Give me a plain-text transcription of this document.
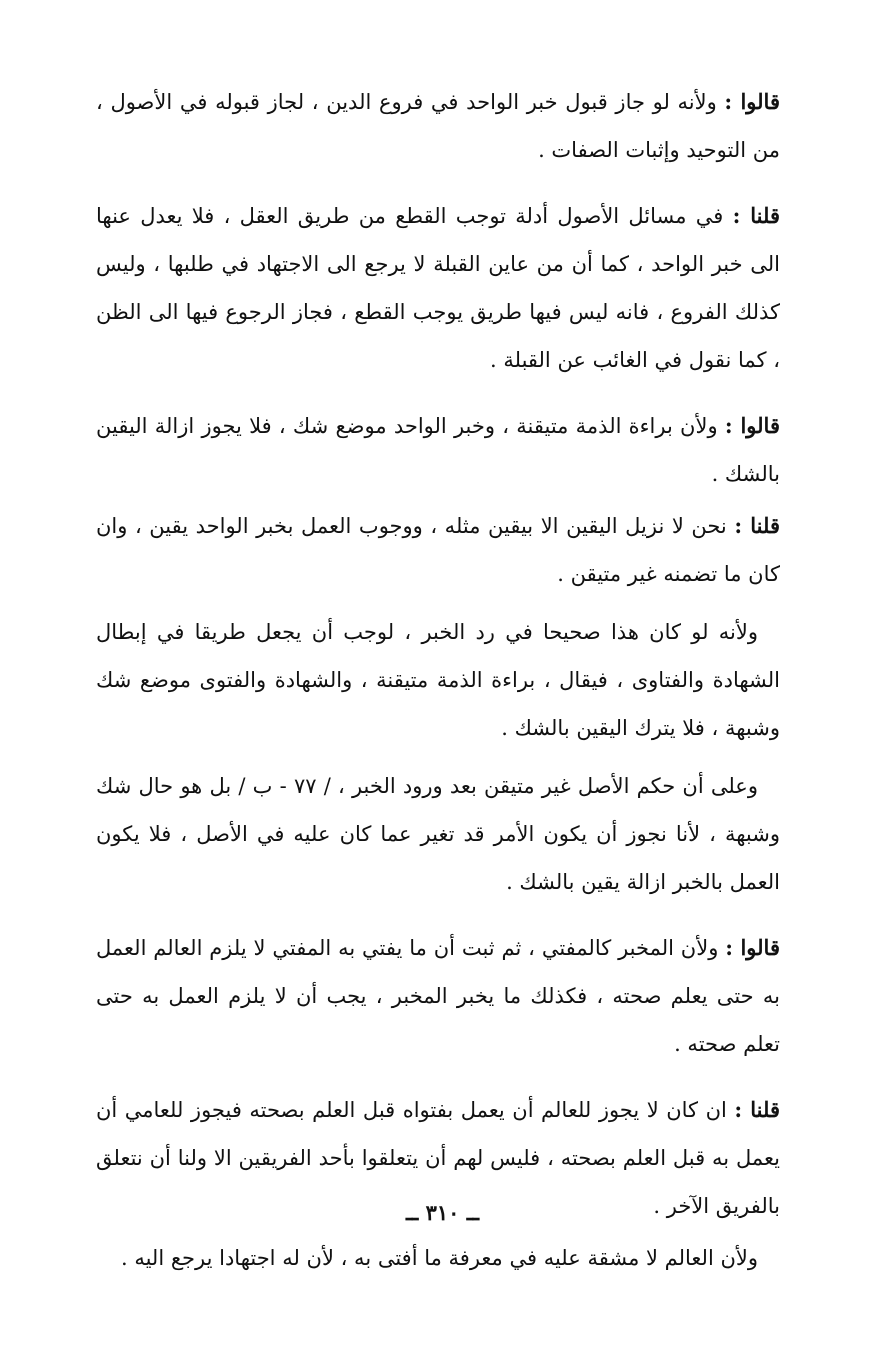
قالوا : ولأنه لو جاز قبول خبر الواحد في فروع الدين ، لجاز قبوله في الأصول ، من التوحيد وإثبات الصفات .

قلنا : في مسائل الأصول أدلة توجب القطع من طريق العقل ، فلا يعدل عنها الى خبر الواحد ، كما أن من عاين القبلة لا يرجع الى الاجتهاد في طلبها ، وليس كذلك الفروع ، فانه ليس فيها طريق يوجب القطع ، فجاز الرجوع فيها الى الظن ، كما نقول في الغائب عن القبلة .

قالوا : ولأن براءة الذمة متيقنة ، وخبر الواحد موضع شك ، فلا يجوز ازالة اليقين بالشك .

قلنا : نحن لا نزيل اليقين الا بيقين مثله ، ووجوب العمل بخبر الواحد يقين ، وان كان ما تضمنه غير متيقن .

ولأنه لو كان هذا صحيحا في رد الخبر ، لوجب أن يجعل طريقا في إبطال الشهادة والفتاوى ، فيقال ، براءة الذمة متيقنة ، والشهادة والفتوى موضع شك وشبهة ، فلا يترك اليقين بالشك .

وعلى أن حكم الأصل غير متيقن بعد ورود الخبر ، / ٧٧ - ب / بل هو حال شك وشبهة ، لأنا نجوز أن يكون الأمر قد تغير عما كان عليه في الأصل ، فلا يكون العمل بالخبر ازالة يقين بالشك .

قالوا : ولأن المخبر كالمفتي ، ثم ثبت أن ما يفتي به المفتي لا يلزم العالم العمل به حتى يعلم صحته ، فكذلك ما يخبر المخبر ، يجب أن لا يلزم العمل به حتى تعلم صحته .

قلنا : ان كان لا يجوز للعالم أن يعمل بفتواه قبل العلم بصحته فيجوز للعامي أن يعمل به قبل العلم بصحته ، فليس لهم أن يتعلقوا بأحد الفريقين الا ولنا أن نتعلق بالفريق الآخر .

ولأن العالم لا مشقة عليه في معرفة ما أفتى به ، لأن له اجتهادا يرجع اليه .

ــ ٣١٠ ــ
